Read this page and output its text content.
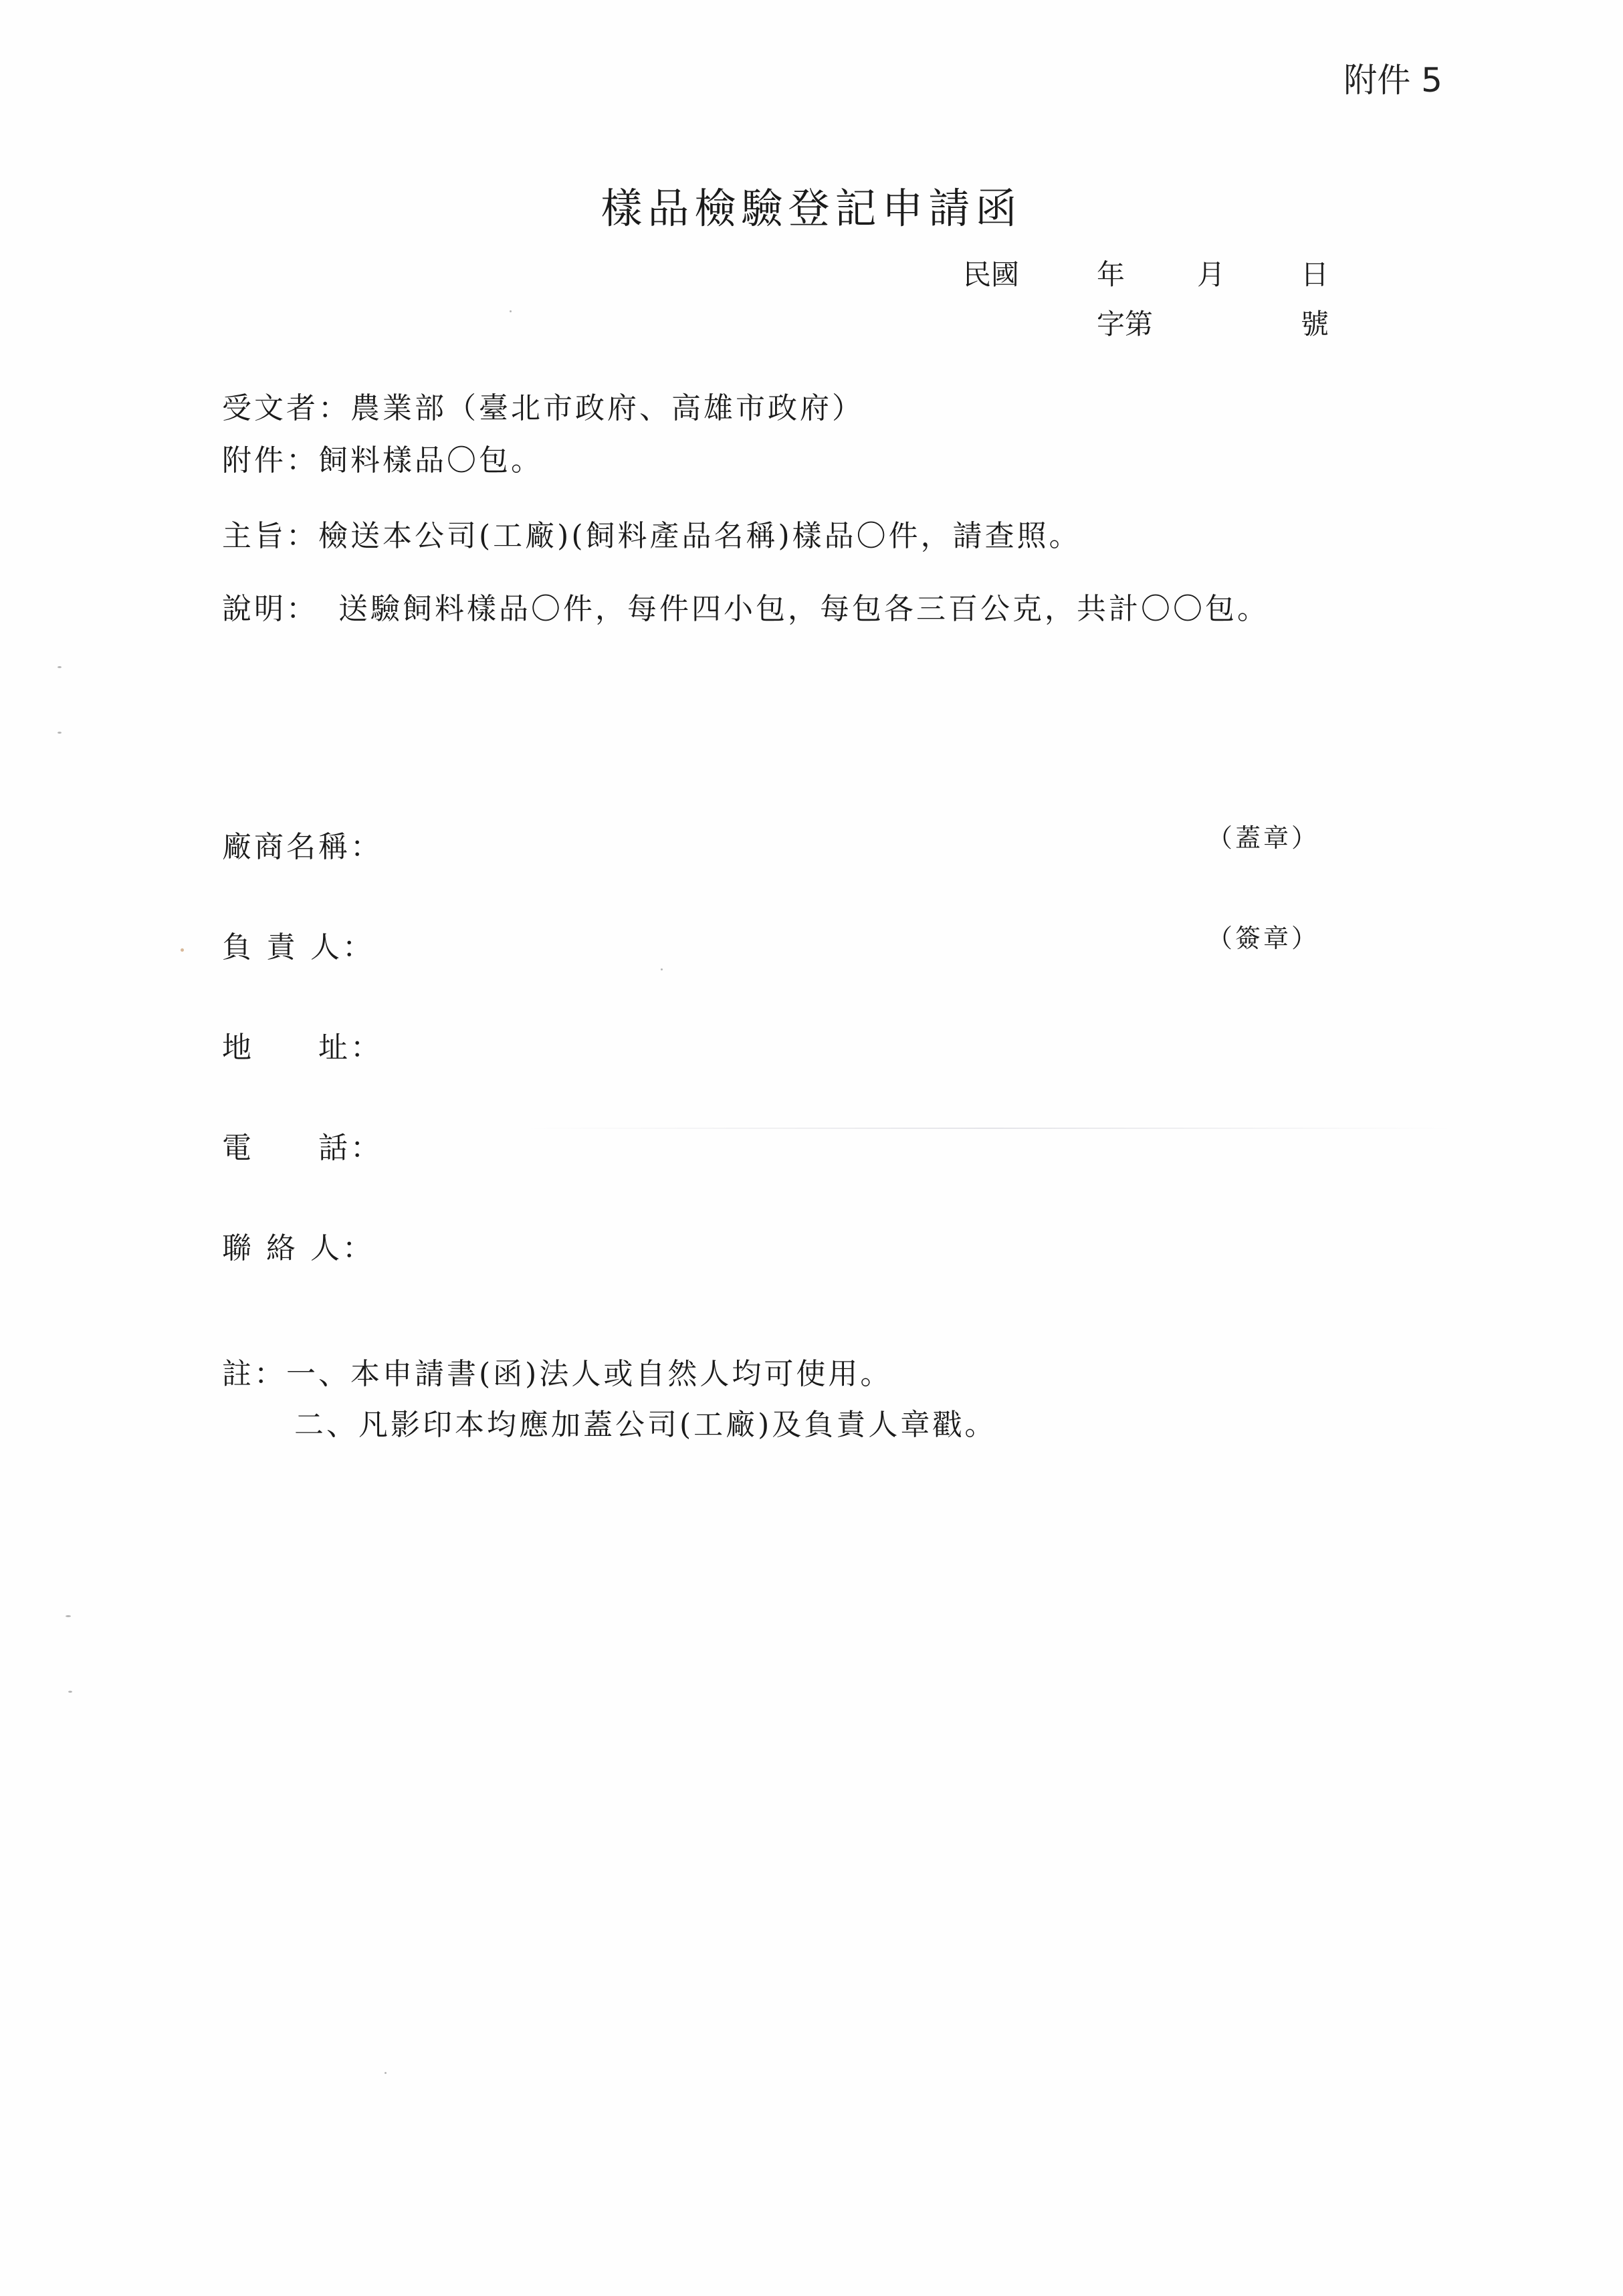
附件 5
樣品檢驗登記申請函
民國	年	月	日
字第	號
受文者：農業部（臺北市政府、高雄市政府）
附件：飼料樣品〇包。
主旨：檢送本公司(工廠)(飼料產品名稱)樣品〇件，請查照。
說明： 送驗飼料樣品〇件，每件四小包，每包各三百公克，共計〇〇包。
廠商名稱：	（蓋章）
負 責 人：	（簽章）
地　　址：
電　　話：
聯 絡 人：
註：一、本申請書(函)法人或自然人均可使用。
二、凡影印本均應加蓋公司(工廠)及負責人章戳。
